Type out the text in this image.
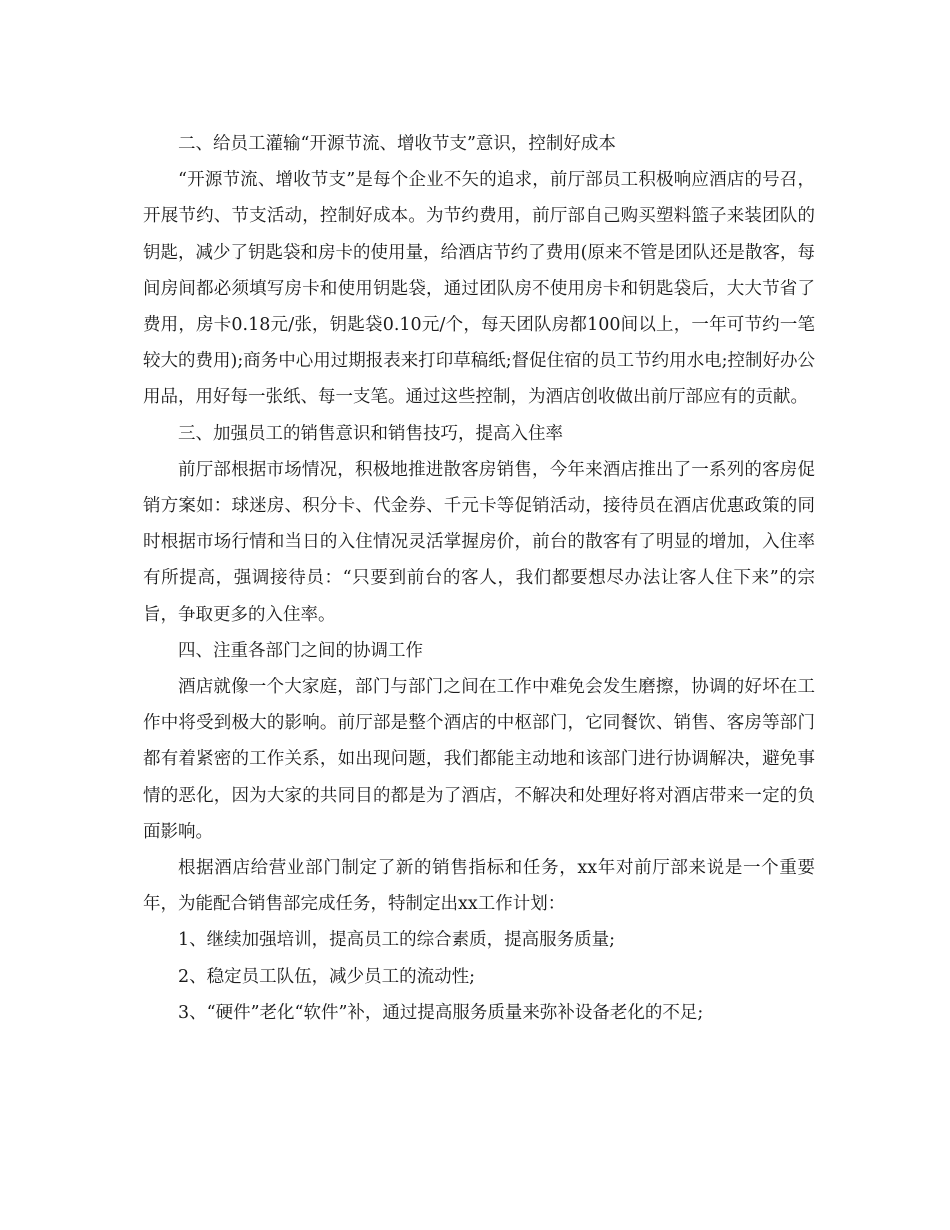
二、给员工灌输“开源节流、增收节支”意识，控制好成本

“开源节流、增收节支”是每个企业不矢的追求，前厅部员工积极响应酒店的号召，开展节约、节支活动，控制好成本。为节约费用，前厅部自己购买塑料篮子来装团队的钥匙，减少了钥匙袋和房卡的使用量，给酒店节约了费用(原来不管是团队还是散客，每间房间都必须填写房卡和使用钥匙袋，通过团队房不使用房卡和钥匙袋后，大大节省了费用，房卡0.18元/张，钥匙袋0.10元/个，每天团队房都100间以上，一年可节约一笔较大的费用);商务中心用过期报表来打印草稿纸;督促住宿的员工节约用水电;控制好办公用品，用好每一张纸、每一支笔。通过这些控制，为酒店创收做出前厅部应有的贡献。

三、加强员工的销售意识和销售技巧，提高入住率

前厅部根据市场情况，积极地推进散客房销售，今年来酒店推出了一系列的客房促销方案如：球迷房、积分卡、代金券、千元卡等促销活动，接待员在酒店优惠政策的同时根据市场行情和当日的入住情况灵活掌握房价，前台的散客有了明显的增加，入住率有所提高，强调接待员：“只要到前台的客人，我们都要想尽办法让客人住下来”的宗旨，争取更多的入住率。

四、注重各部门之间的协调工作

酒店就像一个大家庭，部门与部门之间在工作中难免会发生磨擦，协调的好坏在工作中将受到极大的影响。前厅部是整个酒店的中枢部门，它同餐饮、销售、客房等部门都有着紧密的工作关系，如出现问题，我们都能主动地和该部门进行协调解决，避免事情的恶化，因为大家的共同目的都是为了酒店，不解决和处理好将对酒店带来一定的负面影响。

根据酒店给营业部门制定了新的销售指标和任务，xx年对前厅部来说是一个重要年，为能配合销售部完成任务，特制定出xx工作计划：

1、继续加强培训，提高员工的综合素质，提高服务质量;

2、稳定员工队伍，减少员工的流动性;

3、“硬件”老化“软件”补，通过提高服务质量来弥补设备老化的不足;
